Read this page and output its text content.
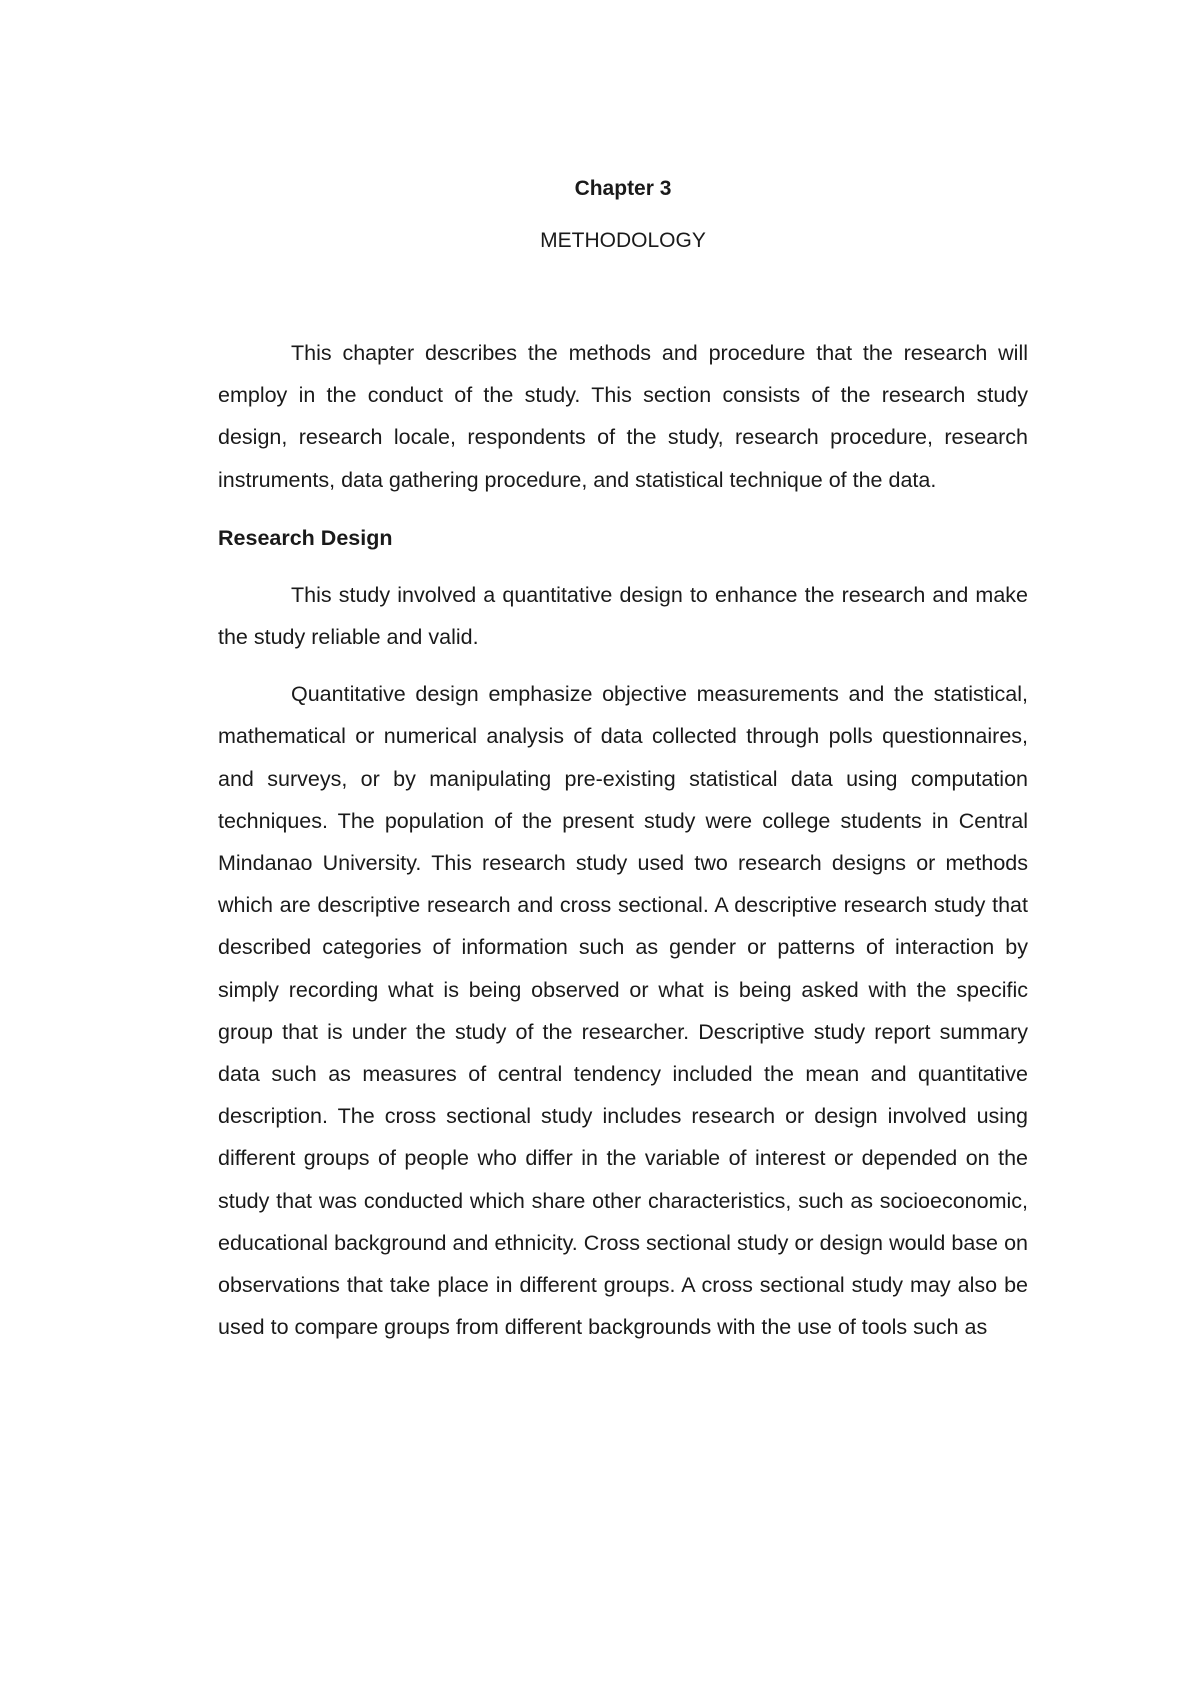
Chapter 3

METHODOLOGY

This chapter describes the methods and procedure that the research will employ in the conduct of the study. This section consists of the research study design, research locale, respondents of the study, research procedure, research instruments, data gathering procedure, and statistical technique of the data.

Research Design

This study involved a quantitative design to enhance the research and make the study reliable and valid.

Quantitative design emphasize objective measurements and the statistical, mathematical or numerical analysis of data collected through polls questionnaires, and surveys, or by manipulating pre-existing statistical data using computation techniques. The population of the present study were college students in Central Mindanao University. This research study used two research designs or methods which are descriptive research and cross sectional. A descriptive research study that described categories of information such as gender or patterns of interaction by simply recording what is being observed or what is being asked with the specific group that is under the study of the researcher. Descriptive study report summary data such as measures of central tendency included the mean and quantitative description. The cross sectional study includes research or design involved using different groups of people who differ in the variable of interest or depended on the study that was conducted which share other characteristics, such as socioeconomic, educational background and ethnicity. Cross sectional study or design would base on observations that take place in different groups. A cross sectional study may also be used to compare groups from different backgrounds with the use of tools such as
